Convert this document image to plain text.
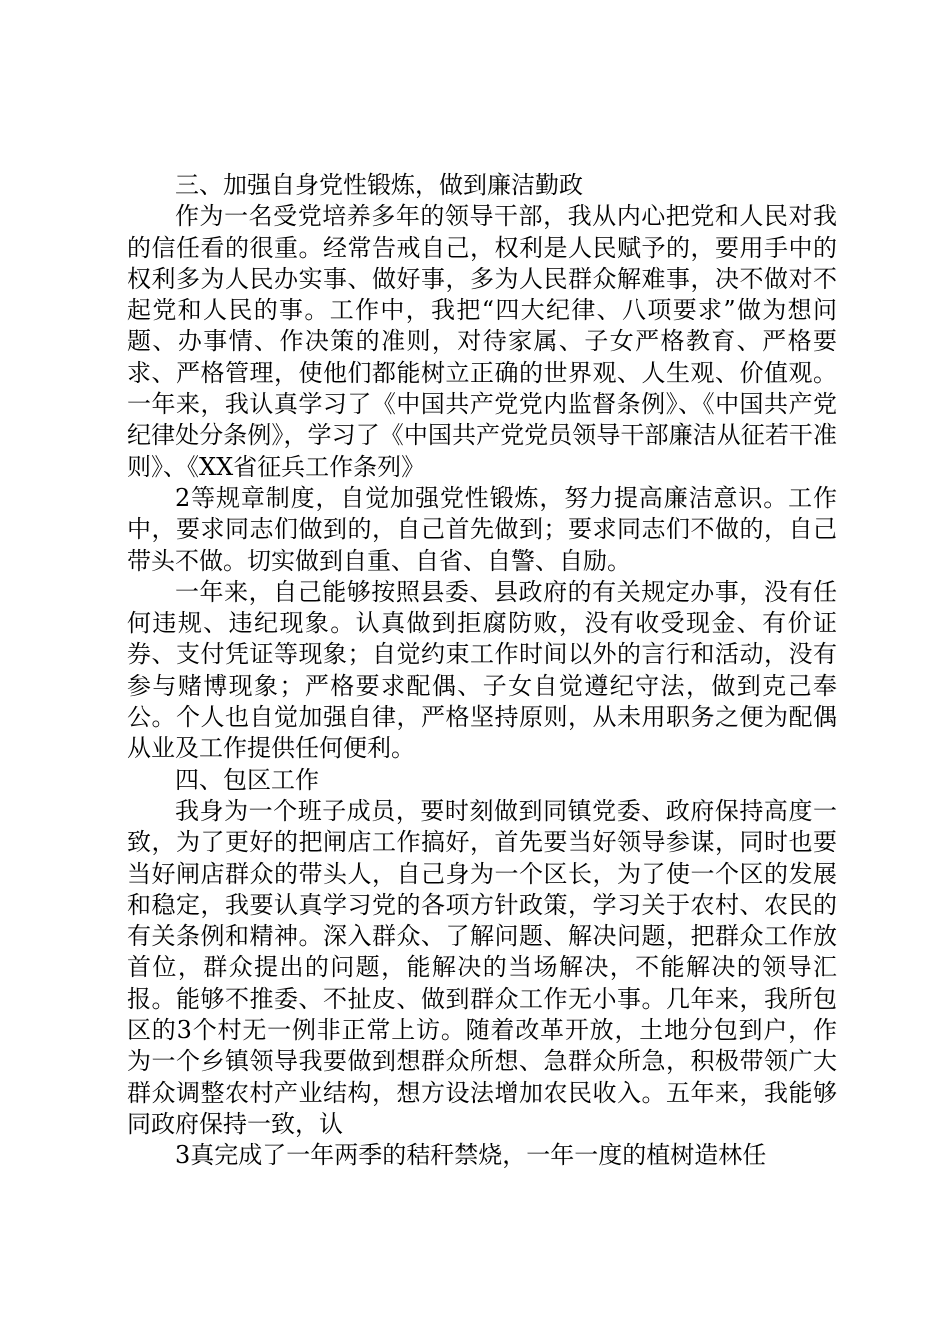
三、加强自身党性锻炼，做到廉洁勤政

作为一名受党培养多年的领导干部，我从内心把党和人民对我的信任看的很重。经常告戒自己，权利是人民赋予的，要用手中的权利多为人民办实事、做好事，多为人民群众解难事，决不做对不起党和人民的事。工作中，我把“四大纪律、八项要求”做为想问题、办事情、作决策的准则，对待家属、子女严格教育、严格要求、严格管理，使他们都能树立正确的世界观、人生观、价值观。一年来，我认真学习了《中国共产党党内监督条例》、《中国共产党纪律处分条例》，学习了《中国共产党党员领导干部廉洁从征若干准则》、《XX省征兵工作条列》

2等规章制度，自觉加强党性锻炼，努力提高廉洁意识。工作中，要求同志们做到的，自己首先做到；要求同志们不做的，自己带头不做。切实做到自重、自省、自警、自励。

一年来，自己能够按照县委、县政府的有关规定办事，没有任何违规、违纪现象。认真做到拒腐防败，没有收受现金、有价证券、支付凭证等现象；自觉约束工作时间以外的言行和活动，没有参与赌博现象；严格要求配偶、子女自觉遵纪守法，做到克己奉公。个人也自觉加强自律，严格坚持原则，从未用职务之便为配偶从业及工作提供任何便利。

四、包区工作

我身为一个班子成员，要时刻做到同镇党委、政府保持高度一致，为了更好的把闸店工作搞好，首先要当好领导参谋，同时也要当好闸店群众的带头人，自己身为一个区长，为了使一个区的发展和稳定，我要认真学习党的各项方针政策，学习关于农村、农民的有关条例和精神。深入群众、了解问题、解决问题，把群众工作放首位，群众提出的问题，能解决的当场解决，不能解决的领导汇报。能够不推委、不扯皮、做到群众工作无小事。几年来，我所包区的3个村无一例非正常上访。随着改革开放，土地分包到户，作为一个乡镇领导我要做到想群众所想、急群众所急，积极带领广大群众调整农村产业结构，想方设法增加农民收入。五年来，我能够同政府保持一致，认

3真完成了一年两季的秸秆禁烧，一年一度的植树造林任
